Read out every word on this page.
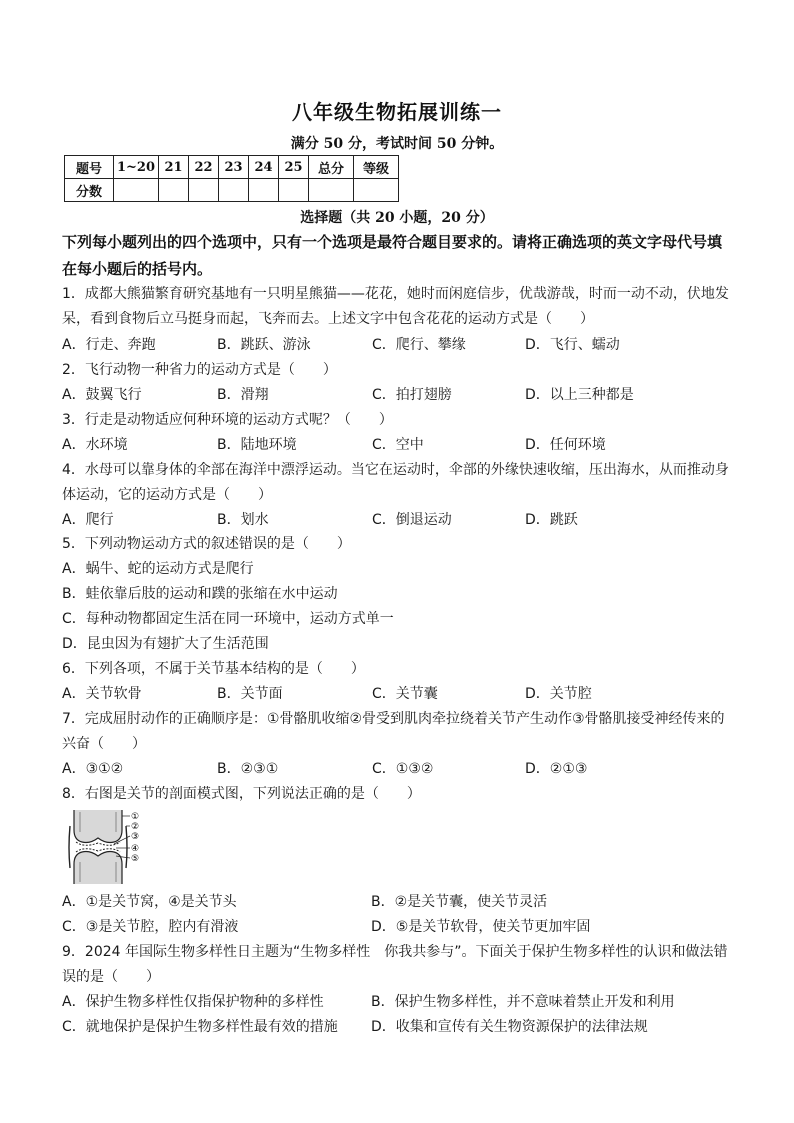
八年级生物拓展训练一
满分 50 分，考试时间 50 分钟。
题号	1~20	21	22	23	24	25	总分	等级
分数								
选择题（共 20 小题，20 分）
下列每小题列出的四个选项中，只有一个选项是最符合题目要求的。请将正确选项的英文字母代号填在每小题后的括号内。
1．成都大熊猫繁育研究基地有一只明星熊猫——花花，她时而闲庭信步，优哉游哉，时而一动不动，伏地发
呆，看到食物后立马挺身而起，飞奔而去。上述文字中包含花花的运动方式是（　　）
A．行走、奔跑	B．跳跃、游泳	C．爬行、攀缘	D．飞行、蠕动
2．飞行动物一种省力的运动方式是（　　）
A．鼓翼飞行	B．滑翔	C．拍打翅膀	D．以上三种都是
3．行走是动物适应何种环境的运动方式呢？（　　）
A．水环境	B．陆地环境	C．空中	D．任何环境
4．水母可以靠身体的伞部在海洋中漂浮运动。当它在运动时，伞部的外缘快速收缩，压出海水，从而推动身
体运动，它的运动方式是（　　）
A．爬行	B．划水	C．倒退运动	D．跳跃
5．下列动物运动方式的叙述错误的是（　　）
A．蜗牛、蛇的运动方式是爬行
B．蛙依靠后肢的运动和蹼的张缩在水中运动
C．每种动物都固定生活在同一环境中，运动方式单一
D．昆虫因为有翅扩大了生活范围
6．下列各项，不属于关节基本结构的是（　　）
A．关节软骨	B．关节面	C．关节囊	D．关节腔
7．完成屈肘动作的正确顺序是：①骨骼肌收缩②骨受到肌肉牵拉绕着关节产生动作③骨骼肌接受神经传来的
兴奋（　　）
A．③①②	B．②③①	C．①③②	D．②①③
8．右图是关节的剖面模式图，下列说法正确的是（　　）
①
②
③
④
⑤
A．①是关节窝，④是关节头	B．②是关节囊，使关节灵活
C．③是关节腔，腔内有滑液	D．⑤是关节软骨，使关节更加牢固
9．2024 年国际生物多样性日主题为“生物多样性　你我共参与”。下面关于保护生物多样性的认识和做法错
误的是（　　）
A．保护生物多样性仅指保护物种的多样性	B．保护生物多样性，并不意味着禁止开发和利用
C．就地保护是保护生物多样性最有效的措施 D．收集和宣传有关生物资源保护的法律法规
